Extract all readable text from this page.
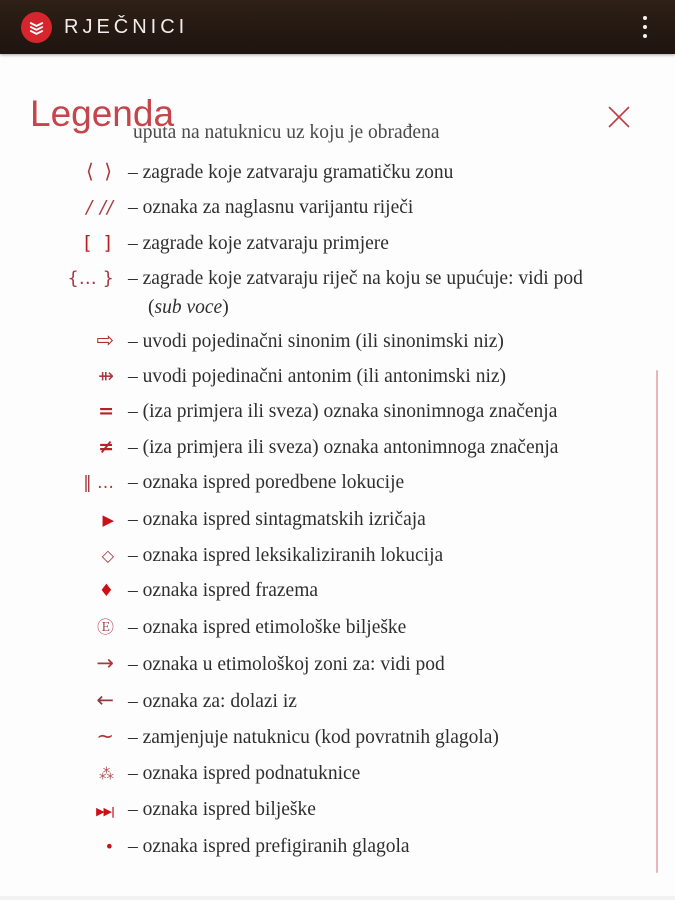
RJEČNICI
Legenda
uputa na natuknicu uz koju je obrađena
⟨ ⟩ – zagrade koje zatvaraju gramatičku zonu
/ // – oznaka za naglasnu varijantu riječi
[ ] – zagrade koje zatvaraju primjere
{… } – zagrade koje zatvaraju riječ na koju se upućuje: vidi pod
(sub voce)
⇨ – uvodi pojedinačni sinonim (ili sinonimski niz)
⇻ – uvodi pojedinačni antonim (ili antonimski niz)
= – (iza primjera ili sveza) oznaka sinonimnoga značenja
≠ – (iza primjera ili sveza) oznaka antonimnoga značenja
‖ … – oznaka ispred poredbene lokucije
▶ – oznaka ispred sintagmatskih izričaja
◇ – oznaka ispred leksikaliziranih lokucija
♦ – oznaka ispred frazema
Ⓔ – oznaka ispred etimološke bilješke
→ – oznaka u etimološkoj zoni za: vidi pod
← – oznaka za: dolazi iz
∼ – zamjenjuje natuknicu (kod povratnih glagola)
⁂ – oznaka ispred podnatuknice
▶▶| – oznaka ispred bilješke
• – oznaka ispred prefigiranih glagola
